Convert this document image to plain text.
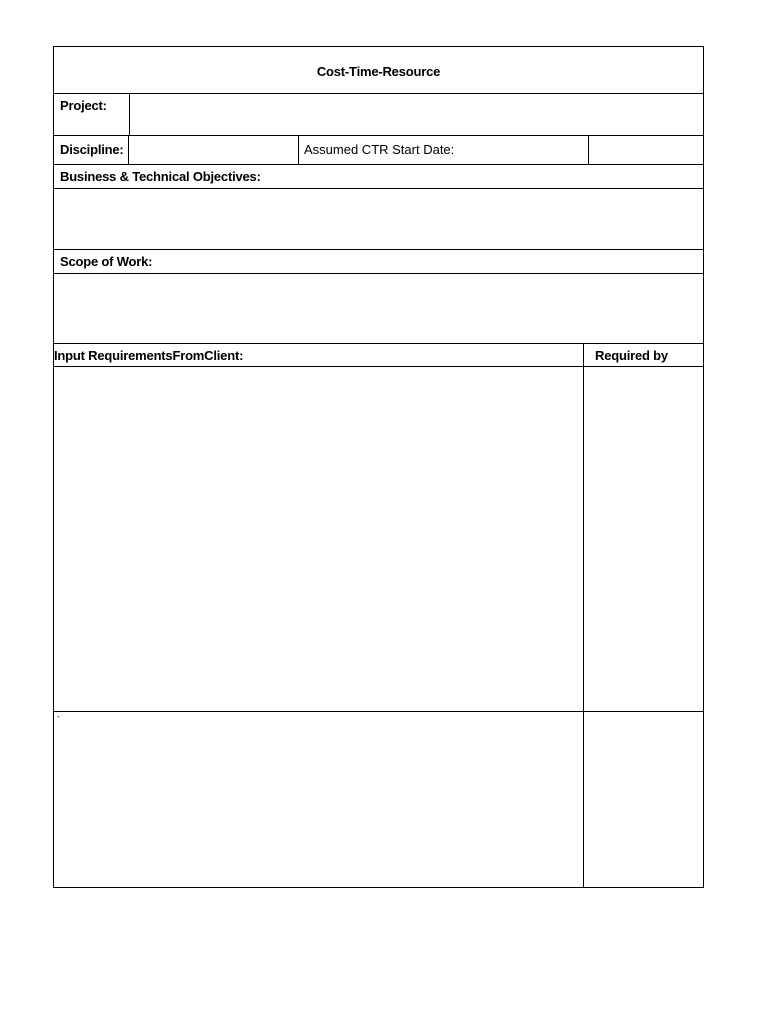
Cost-Time-Resource
Project:
Discipline:	Assumed CTR Start Date:
Business & Technical Objectives:
Scope of Work:
Input RequirementsFromClient:	Required by
-
